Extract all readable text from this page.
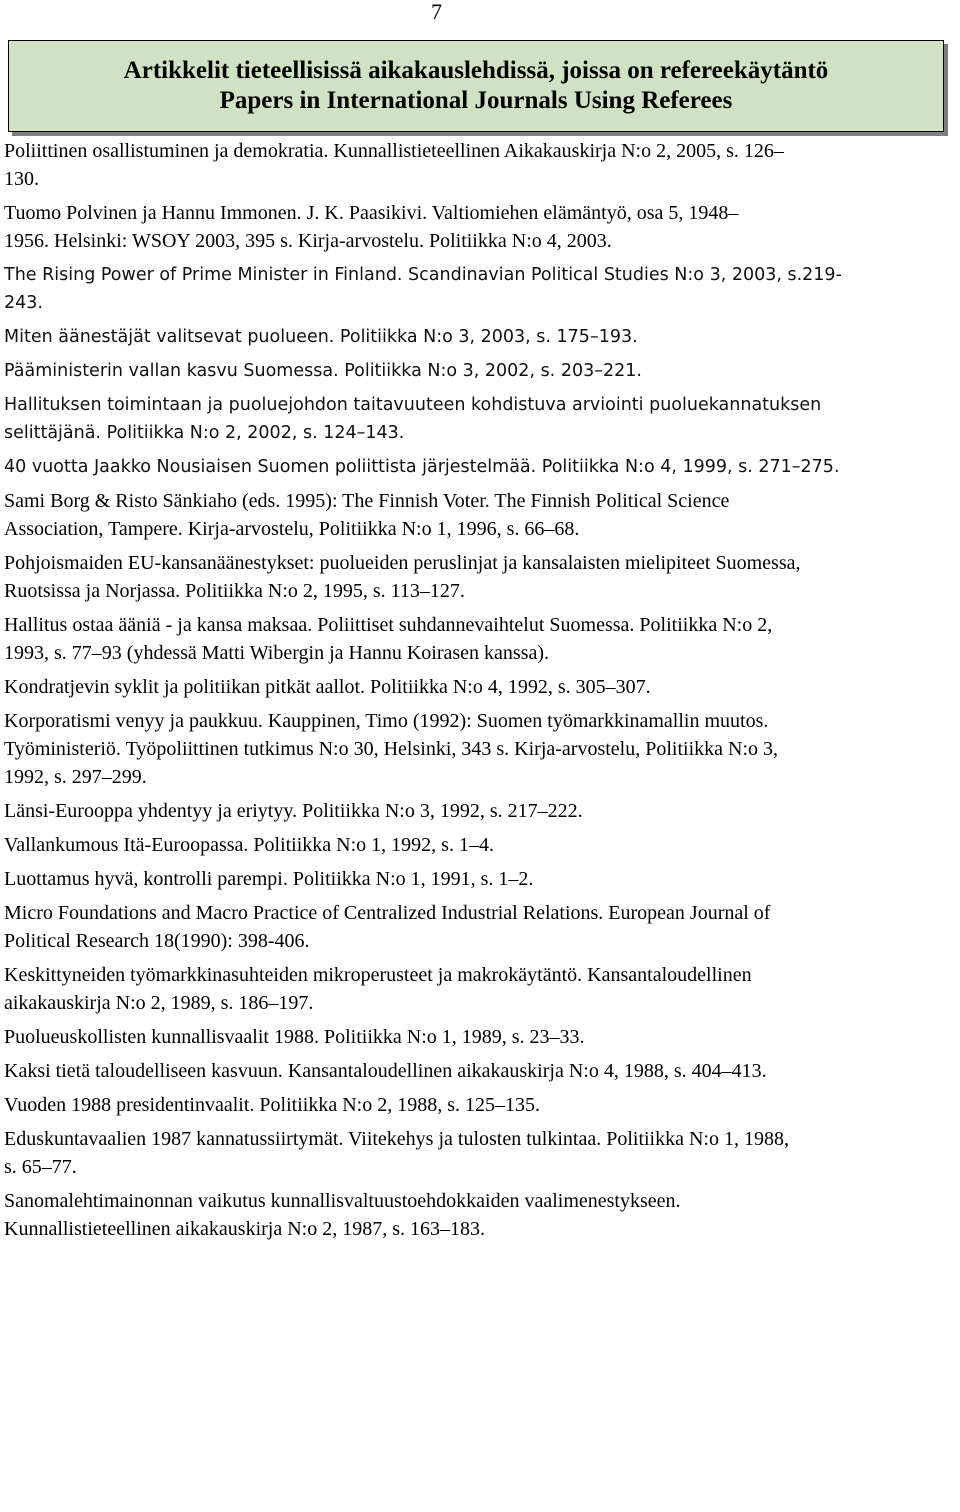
7
Artikkelit tieteellisissä aikakauslehdissä, joissa on refereekäytäntö
Papers in International Journals Using Referees
Poliittinen osallistuminen ja demokratia. Kunnallistieteellinen Aikakauskirja N:o 2, 2005, s. 126–
130.
Tuomo Polvinen ja Hannu Immonen. J. K. Paasikivi. Valtiomiehen elämäntyö, osa 5, 1948–
1956. Helsinki: WSOY 2003, 395 s. Kirja-arvostelu. Politiikka N:o 4, 2003.
The Rising Power of Prime Minister in Finland. Scandinavian Political Studies N:o 3, 2003, s.219-
243.
Miten äänestäjät valitsevat puolueen. Politiikka N:o 3, 2003, s. 175–193.
Pääministerin vallan kasvu Suomessa. Politiikka N:o 3, 2002, s. 203–221.
Hallituksen toimintaan ja puoluejohdon taitavuuteen kohdistuva arviointi puoluekannatuksen
selittäjänä. Politiikka N:o 2, 2002, s. 124–143.
40 vuotta Jaakko Nousiaisen Suomen poliittista järjestelmää. Politiikka N:o 4, 1999, s. 271–275.
Sami Borg & Risto Sänkiaho (eds. 1995): The Finnish Voter. The Finnish Political Science
Association, Tampere. Kirja-arvostelu, Politiikka N:o 1, 1996, s. 66–68.
Pohjoismaiden EU-kansanäänestykset: puolueiden peruslinjat ja kansalaisten mielipiteet Suomessa,
Ruotsissa ja Norjassa. Politiikka N:o 2, 1995, s. 113–127.
Hallitus ostaa ääniä - ja kansa maksaa. Poliittiset suhdannevaihtelut Suomessa. Politiikka N:o 2,
1993, s. 77–93 (yhdessä Matti Wibergin ja Hannu Koirasen kanssa).
Kondratjevin syklit ja politiikan pitkät aallot. Politiikka N:o 4, 1992, s. 305–307.
Korporatismi venyy ja paukkuu. Kauppinen, Timo (1992): Suomen työmarkkinamallin muutos.
Työministeriö. Työpoliittinen tutkimus N:o 30, Helsinki, 343 s. Kirja-arvostelu, Politiikka N:o 3,
1992, s. 297–299.
Länsi-Eurooppa yhdentyy ja eriytyy. Politiikka N:o 3, 1992, s. 217–222.
Vallankumous Itä-Euroopassa. Politiikka N:o 1, 1992, s. 1–4.
Luottamus hyvä, kontrolli parempi. Politiikka N:o 1, 1991, s. 1–2.
Micro Foundations and Macro Practice of Centralized Industrial Relations. European Journal of
Political Research 18(1990): 398-406.
Keskittyneiden työmarkkinasuhteiden mikroperusteet ja makrokäytäntö. Kansantaloudellinen
aikakauskirja N:o 2, 1989, s. 186–197.
Puolueuskollisten kunnallisvaalit 1988. Politiikka N:o 1, 1989, s. 23–33.
Kaksi tietä taloudelliseen kasvuun. Kansantaloudellinen aikakauskirja N:o 4, 1988, s. 404–413.
Vuoden 1988 presidentinvaalit. Politiikka N:o 2, 1988, s. 125–135.
Eduskuntavaalien 1987 kannatussiirtymät. Viitekehys ja tulosten tulkintaa. Politiikka N:o 1, 1988,
s. 65–77.
Sanomalehtimainonnan vaikutus kunnallisvaltuustoehdokkaiden vaalimenestykseen.
Kunnallistieteellinen aikakauskirja N:o 2, 1987, s. 163–183.
